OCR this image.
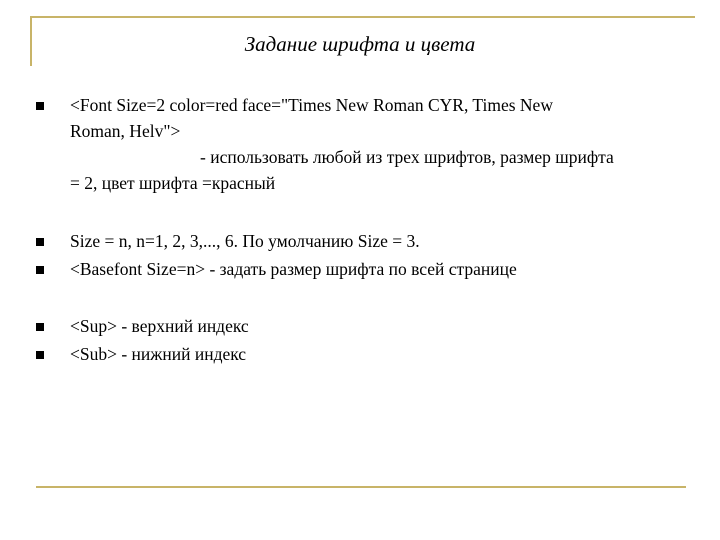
Задание шрифта и цвета
<Font Size=2 color=red face="Times New Roman CYR, Times New
Roman, Helv">
- использовать любой из трех шрифтов, размер шрифта
= 2, цвет шрифта =красный
Size = n, n=1, 2, 3,..., 6. По умолчанию Size = 3.
<Basefont Size=n> - задать размер шрифта по всей странице
<Sup> - верхний индекс
<Sub> - нижний индекс
